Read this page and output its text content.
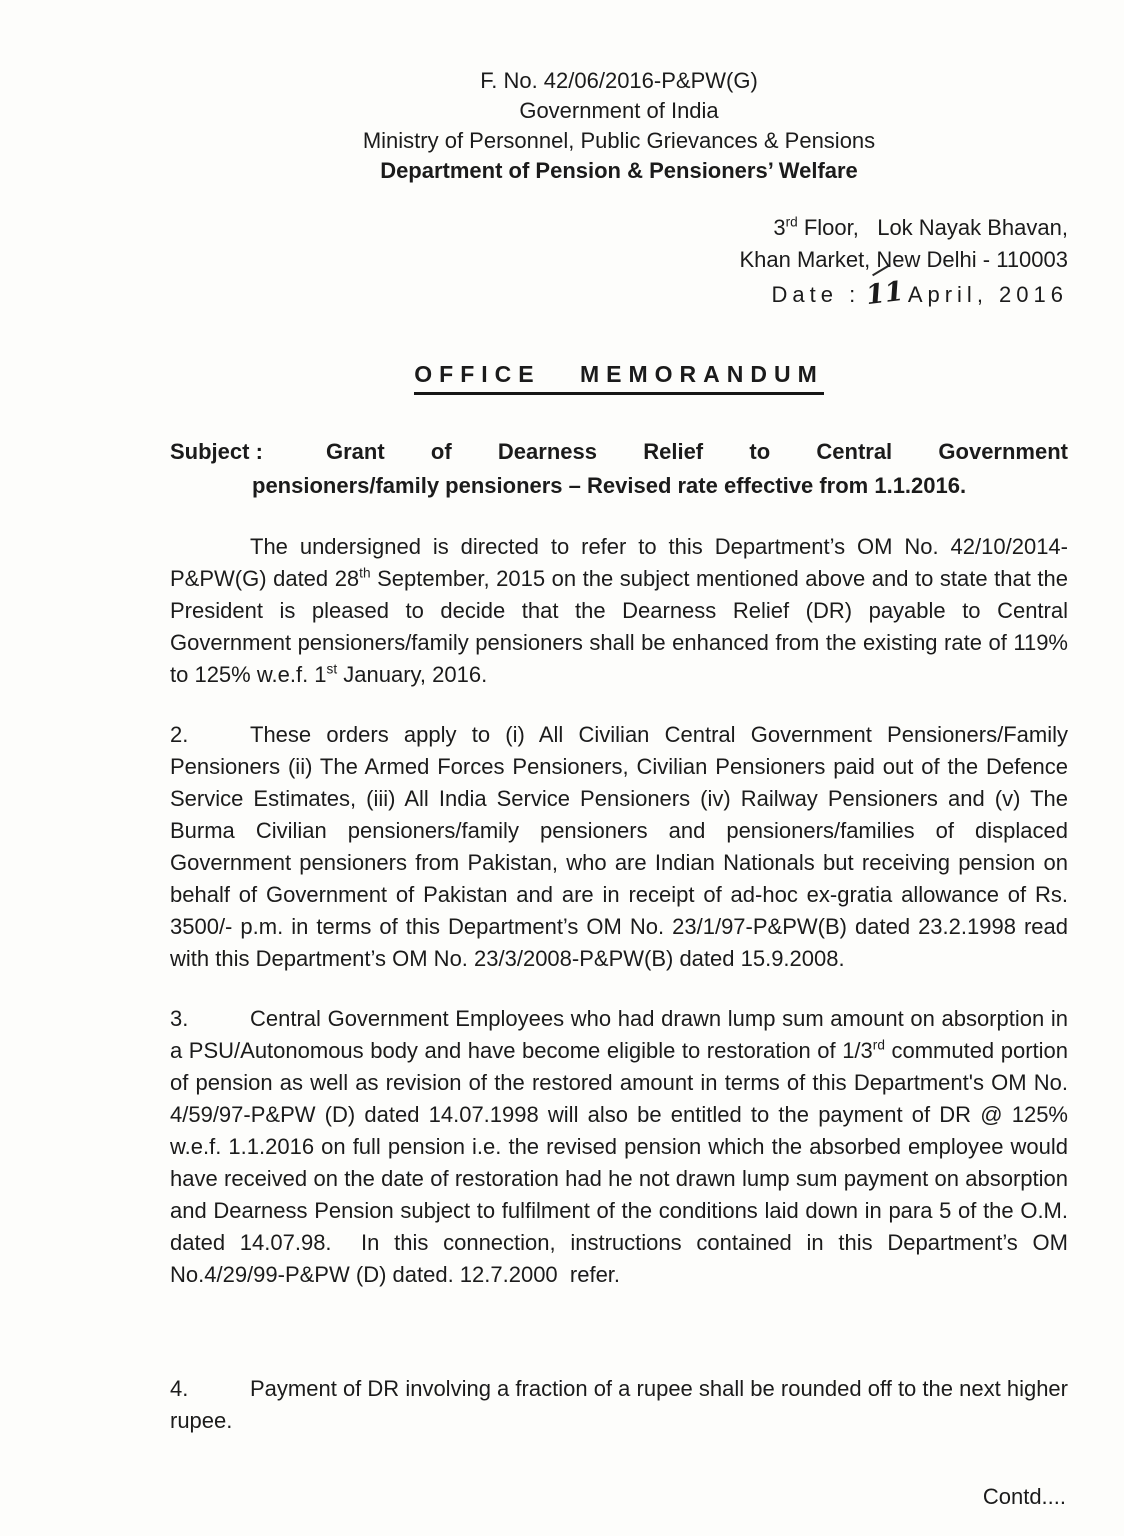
F. No. 42/06/2016-P&PW(G)
Government of India
Ministry of Personnel, Public Grievances & Pensions
Department of Pension & Pensioners’ Welfare
3rd Floor,   Lok Nayak Bhavan,
Khan Market, New Delhi - 110003
Date : 11 April, 2016
OFFICE MEMORANDUM
Subject :	Grant of Dearness Relief to Central Government
pensioners/family pensioners – Revised rate effective from 1.1.2016.

The undersigned is directed to refer to this Department’s OM No. 42/10/2014-P&PW(G) dated 28th September, 2015 on the subject mentioned above and to state that the President is pleased to decide that the Dearness Relief (DR) payable to Central Government pensioners/family pensioners shall be enhanced from the existing rate of 119% to 125% w.e.f. 1st January, 2016.

2.	These orders apply to (i) All Civilian Central Government Pensioners/Family Pensioners (ii) The Armed Forces Pensioners, Civilian Pensioners paid out of the Defence Service Estimates, (iii) All India Service Pensioners (iv) Railway Pensioners and (v) The Burma Civilian pensioners/family pensioners and pensioners/families of displaced Government pensioners from Pakistan, who are Indian Nationals but receiving pension on behalf of Government of Pakistan and are in receipt of ad-hoc ex-gratia allowance of Rs. 3500/- p.m. in terms of this Department’s OM No. 23/1/97-P&PW(B) dated 23.2.1998 read with this Department’s OM No. 23/3/2008-P&PW(B) dated 15.9.2008.

3.	Central Government Employees who had drawn lump sum amount on absorption in a PSU/Autonomous body and have become eligible to restoration of 1/3rd commuted portion of pension as well as revision of the restored amount in terms of this Department's OM No. 4/59/97-P&PW (D) dated 14.07.1998 will also be entitled to the payment of DR @ 125% w.e.f. 1.1.2016 on full pension i.e. the revised pension which the absorbed employee would have received on the date of restoration had he not drawn lump sum payment on absorption and Dearness Pension subject to fulfilment of the conditions laid down in para 5 of the O.M. dated 14.07.98.  In this connection, instructions contained in this Department’s OM No.4/29/99-P&PW (D) dated. 12.7.2000  refer.

4.	Payment of DR involving a fraction of a rupee shall be rounded off to the next higher rupee.

Contd....
